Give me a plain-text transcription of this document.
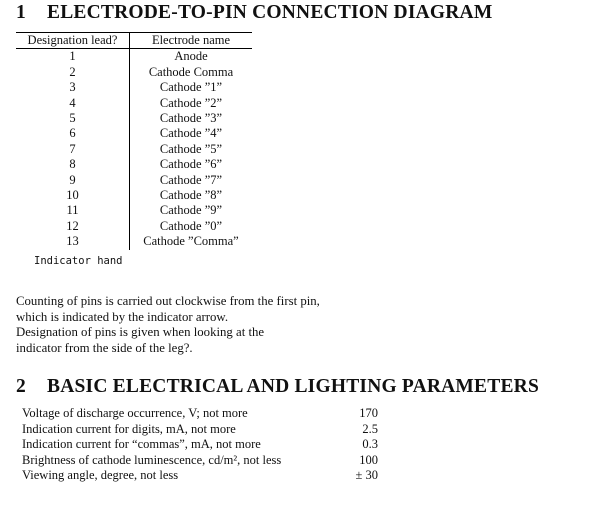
1 ELECTRODE-TO-PIN CONNECTION DIAGRAM
Designation lead?	Electrode name
1	Anode
2	Cathode Comma
3	Cathode ”1”
4	Cathode ”2”
5	Cathode ”3”
6	Cathode ”4”
7	Cathode ”5”
8	Cathode ”6”
9	Cathode ”7”
10	Cathode ”8”
11	Cathode ”9”
12	Cathode ”0”
13	Cathode ”Comma”
Indicator hand

Counting of pins is carried out clockwise from the first pin,
which is indicated by the indicator arrow.
Designation of pins is given when looking at the
indicator from the side of the leg?.

2 BASIC ELECTRICAL AND LIGHTING PARAMETERS
Voltage of discharge occurrence, V; not more	170
Indication current for digits, mA, not more	2.5
Indication current for “commas”, mA, not more	0.3
Brightness of cathode luminescence, cd/m², not less	100
Viewing angle, degree, not less	± 30
